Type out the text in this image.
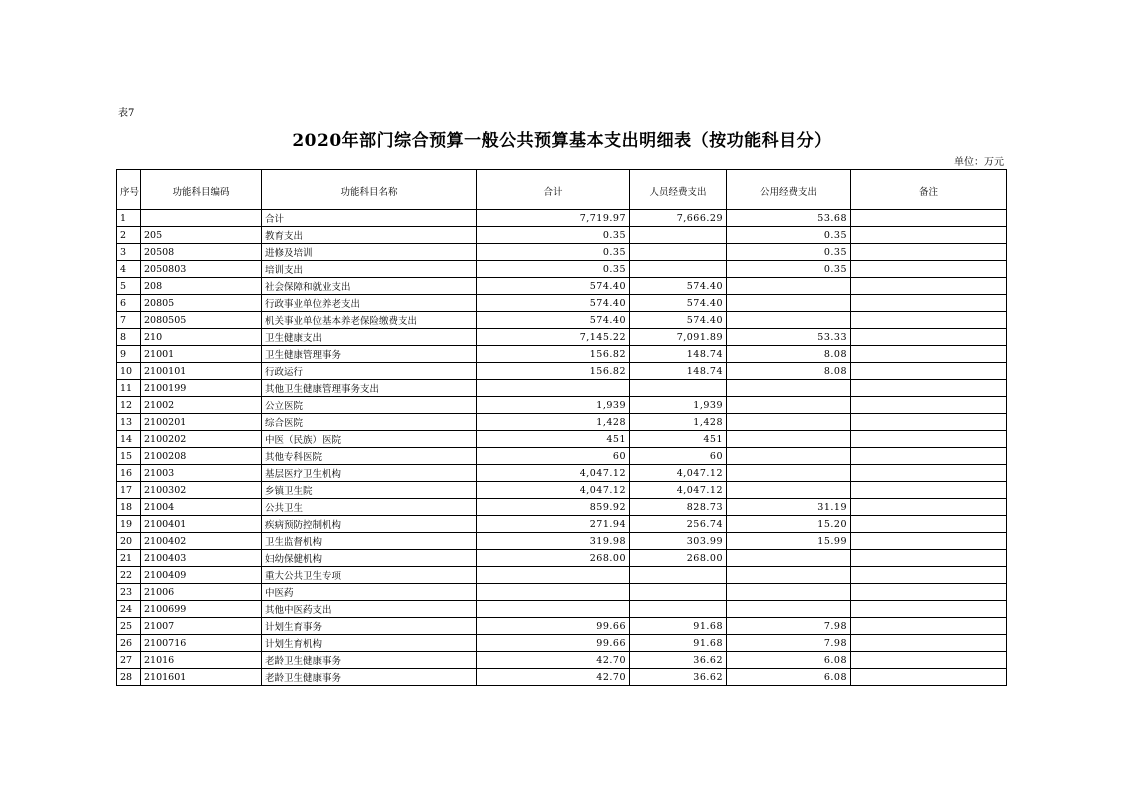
表7
2020年部门综合预算一般公共预算基本支出明细表（按功能科目分）
单位：万元
序号	功能科目编码	功能科目名称	合计	人员经费支出	公用经费支出	备注
1		合计	7,719.97	7,666.29	53.68	
2	205	教育支出	0.35		0.35	
3	20508	进修及培训	0.35		0.35	
4	2050803	培训支出	0.35		0.35	
5	208	社会保障和就业支出	574.40	574.40		
6	20805	行政事业单位养老支出	574.40	574.40		
7	2080505	机关事业单位基本养老保险缴费支出	574.40	574.40		
8	210	卫生健康支出	7,145.22	7,091.89	53.33	
9	21001	卫生健康管理事务	156.82	148.74	8.08	
10	2100101	行政运行	156.82	148.74	8.08	
11	2100199	其他卫生健康管理事务支出				
12	21002	公立医院	1,939	1,939		
13	2100201	综合医院	1,428	1,428		
14	2100202	中医（民族）医院	451	451		
15	2100208	其他专科医院	60	60		
16	21003	基层医疗卫生机构	4,047.12	4,047.12		
17	2100302	乡镇卫生院	4,047.12	4,047.12		
18	21004	公共卫生	859.92	828.73	31.19	
19	2100401	疾病预防控制机构	271.94	256.74	15.20	
20	2100402	卫生监督机构	319.98	303.99	15.99	
21	2100403	妇幼保健机构	268.00	268.00		
22	2100409	重大公共卫生专项				
23	21006	中医药				
24	2100699	其他中医药支出				
25	21007	计划生育事务	99.66	91.68	7.98	
26	2100716	计划生育机构	99.66	91.68	7.98	
27	21016	老龄卫生健康事务	42.70	36.62	6.08	
28	2101601	老龄卫生健康事务	42.70	36.62	6.08	
